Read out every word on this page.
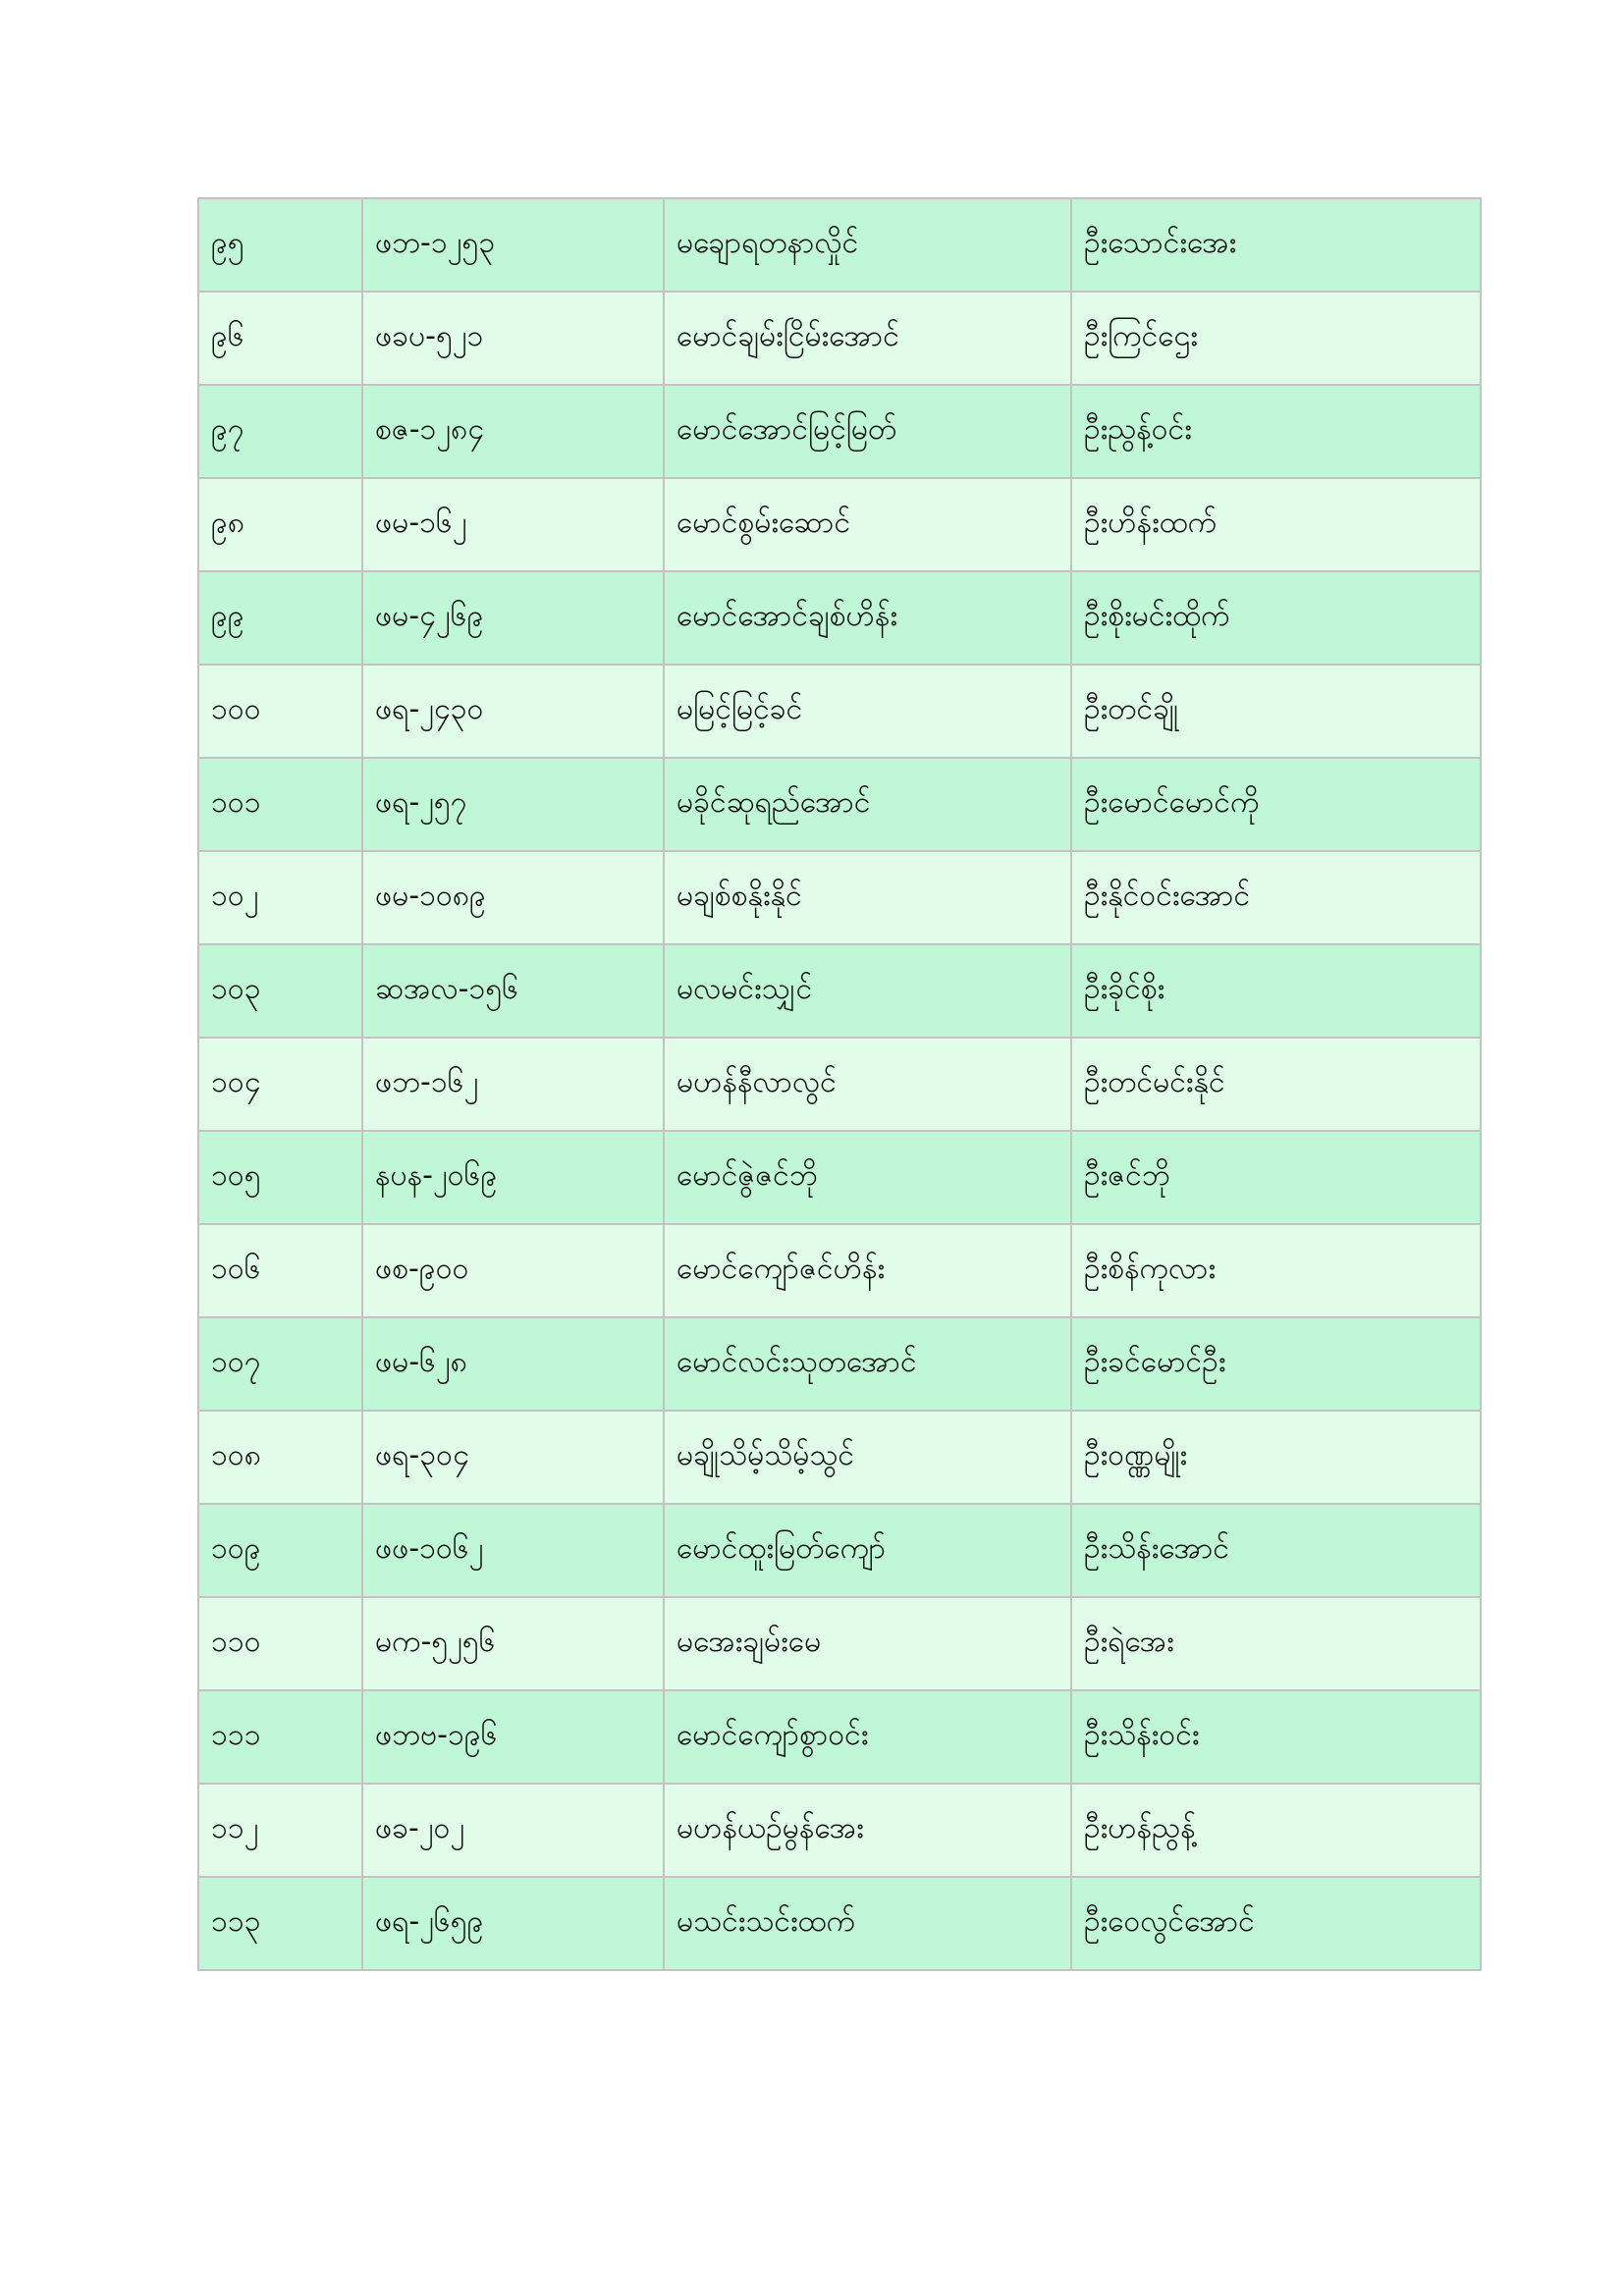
၉၅	ဖဘ-၁၂၅၃	မချောရတနာလှိုင်	ဦးသောင်းအေး
၉၆	ဖခပ-၅၂၁	မောင်ချမ်းငြိမ်းအောင်	ဦးကြင်ဌေး
၉၇	စဇ-၁၂၈၄	မောင်အောင်မြင့်မြတ်	ဦးညွန့်ဝင်း
၉၈	ဖမ-၁၆၂	မောင်စွမ်းဆောင်	ဦးဟိန်းထက်
၉၉	ဖမ-၄၂၆၉	မောင်အောင်ချစ်ဟိန်း	ဦးစိုးမင်းထိုက်
၁၀၀	ဖရ-၂၄၃၀	မမြင့်မြင့်ခင်	ဦးတင်ချို
၁၀၁	ဖရ-၂၅၇	မခိုင်ဆုရည်အောင်	ဦးမောင်မောင်ကို
၁၀၂	ဖမ-၁၀၈၉	မချစ်စနိုးနိုင်	ဦးနိုင်ဝင်းအောင်
၁၀၃	ဆအလ-၁၅၆	မလမင်းသျှင်	ဦးခိုင်စိုး
၁၀၄	ဖဘ-၁၆၂	မဟန်နီလာလွင်	ဦးတင်မင်းနိုင်
၁၀၅	နပန-၂၀၆၉	မောင်ဇွဲဇင်ဘို	ဦးဇင်ဘို
၁၀၆	ဖစ-၉၀၀	မောင်ကျော်ဇင်ဟိန်း	ဦးစိန်ကုလား
၁၀၇	ဖမ-၆၂၈	မောင်လင်းသုတအောင်	ဦးခင်မောင်ဦး
၁၀၈	ဖရ-၃၀၄	မချိုသိမ့်သိမ့်သွင်	ဦးဝဏ္ဏမျိုး
၁၀၉	ဖဖ-၁၀၆၂	မောင်ထူးမြတ်ကျော်	ဦးသိန်းအောင်
၁၁၀	မက-၅၂၅၆	မအေးချမ်းမေ	ဦးရဲအေး
၁၁၁	ဖဘဗ-၁၉၆	မောင်ကျော်စွာဝင်း	ဦးသိန်းဝင်း
၁၁၂	ဖခ-၂၀၂	မဟန်ယဉ်မွန်အေး	ဦးဟန်ညွန့်
၁၁၃	ဖရ-၂၆၅၉	မသင်းသင်းထက်	ဦးဝေလွင်အောင်
